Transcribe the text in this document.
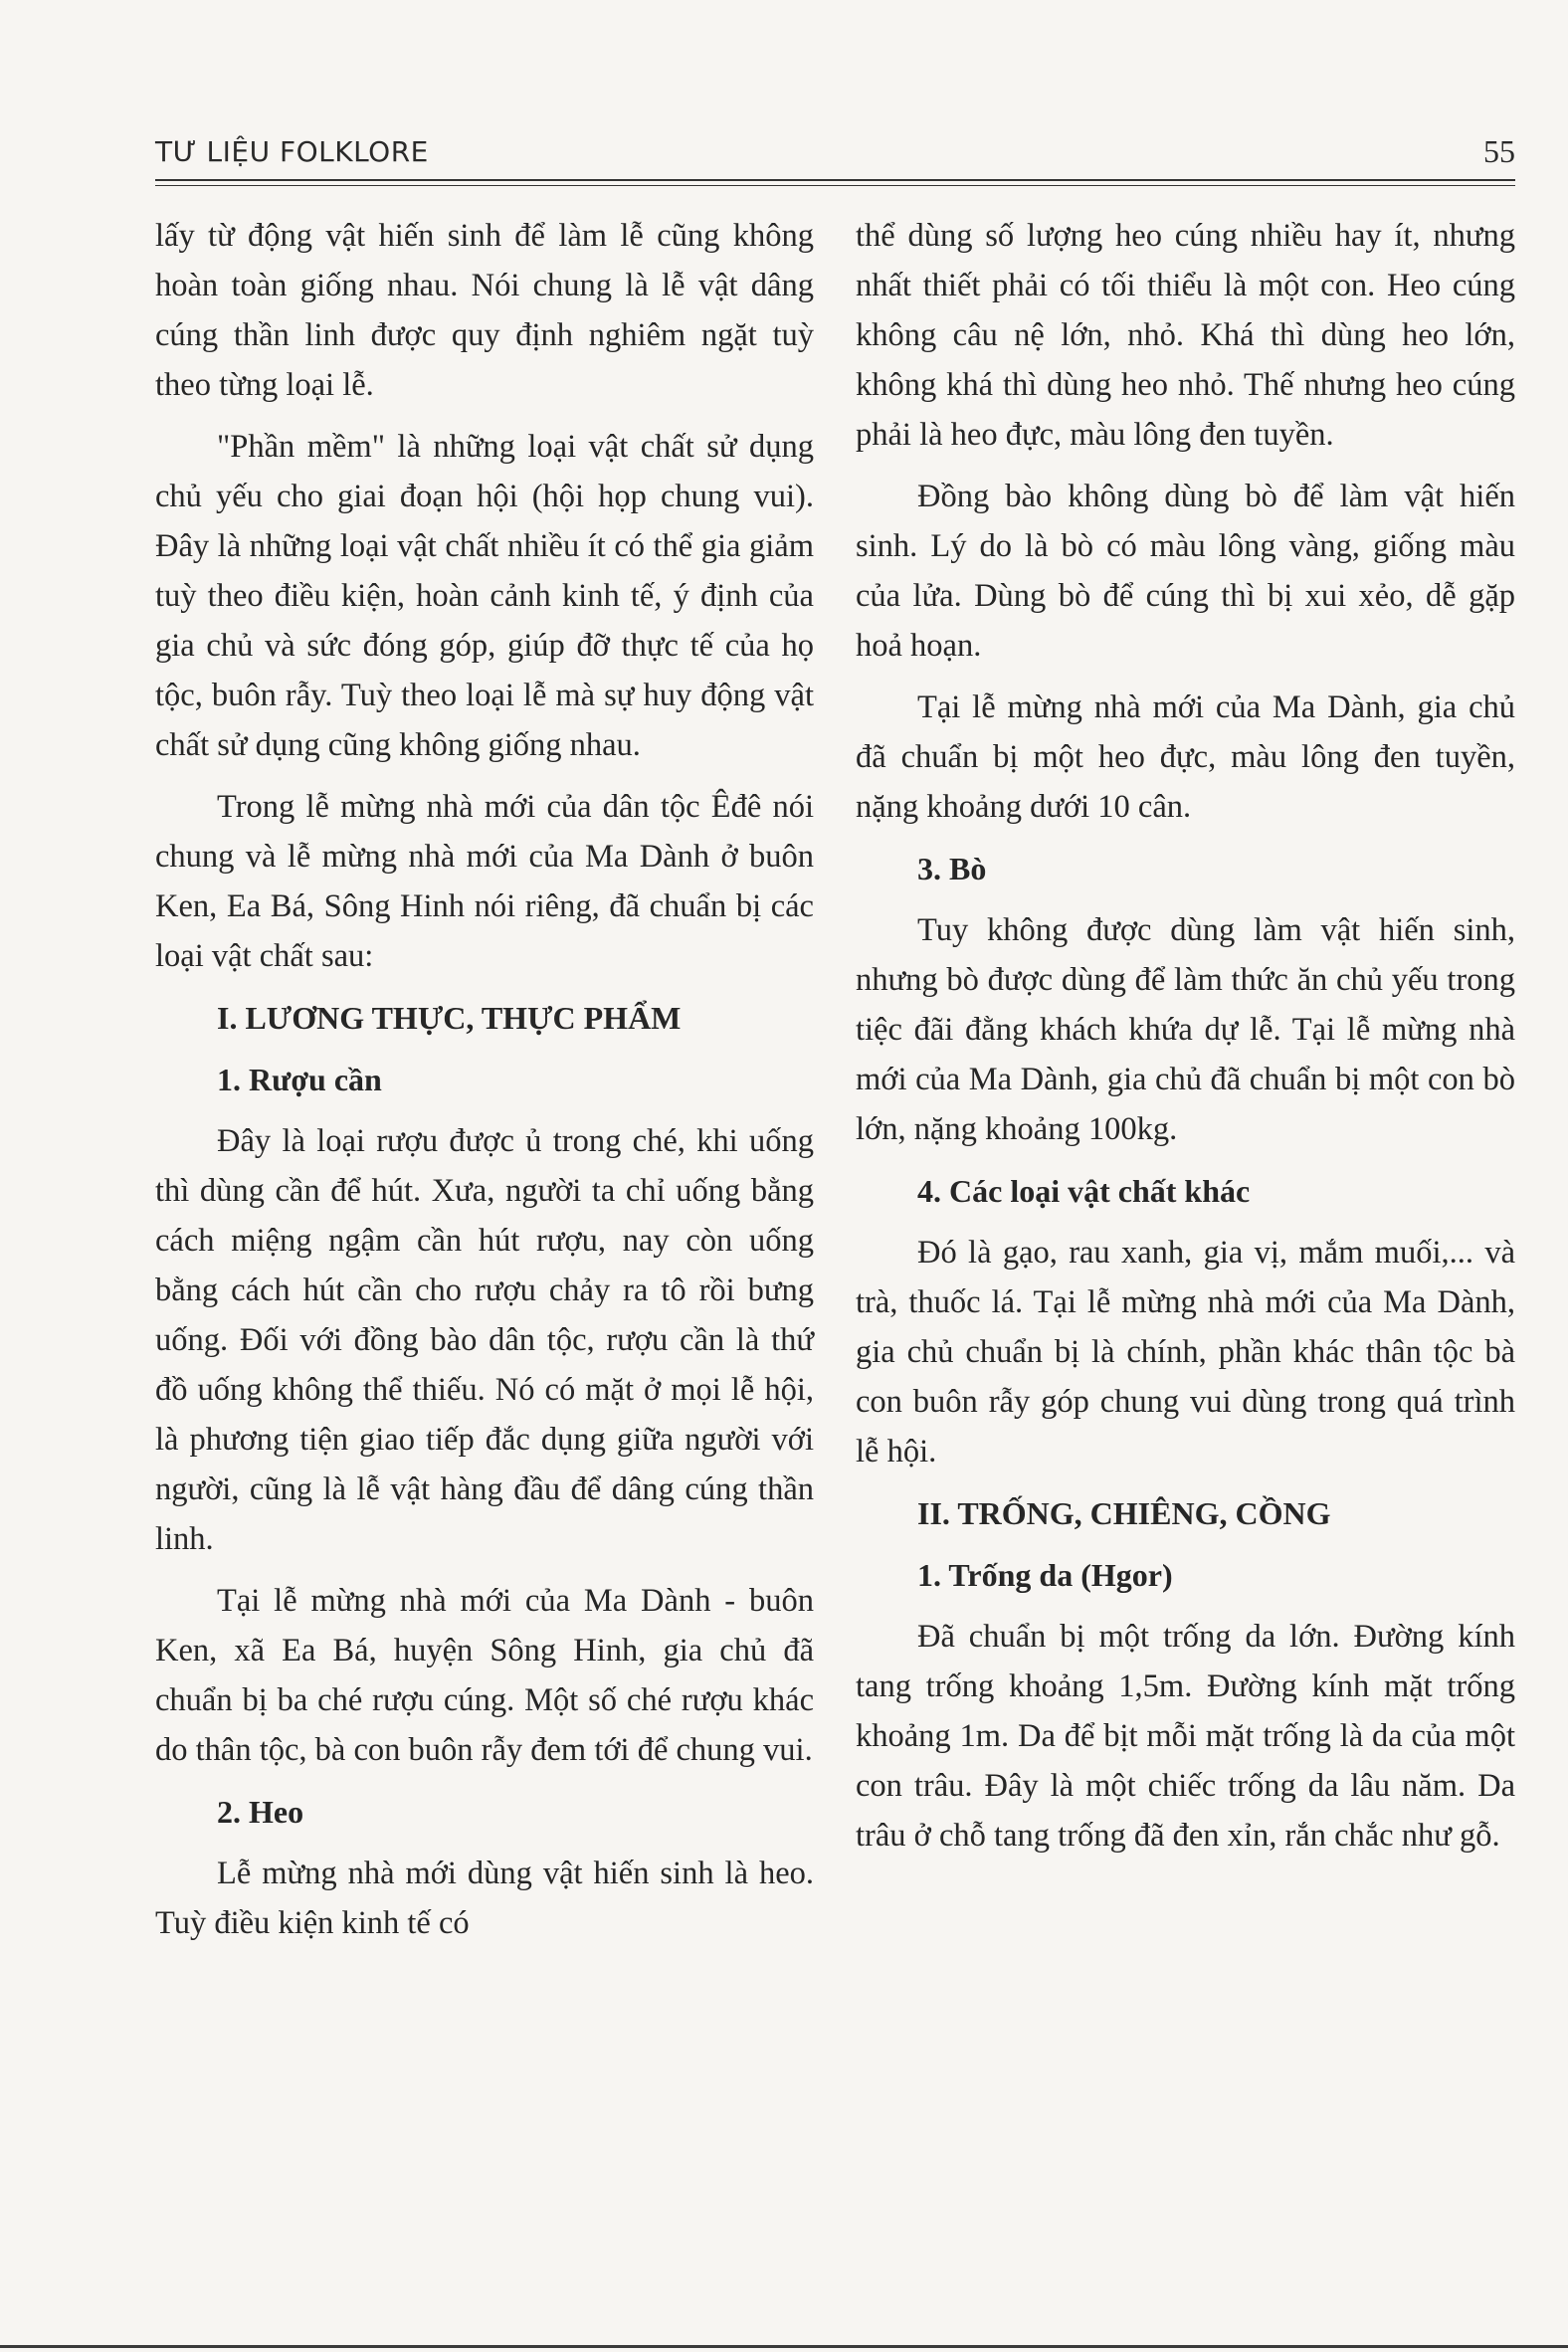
TƯ LIỆU FOLKLORE	55

lấy từ động vật hiến sinh để làm lễ cũng không hoàn toàn giống nhau. Nói chung là lễ vật dâng cúng thần linh được quy định nghiêm ngặt tuỳ theo từng loại lễ.

"Phần mềm" là những loại vật chất sử dụng chủ yếu cho giai đoạn hội (hội họp chung vui). Đây là những loại vật chất nhiều ít có thể gia giảm tuỳ theo điều kiện, hoàn cảnh kinh tế, ý định của gia chủ và sức đóng góp, giúp đỡ thực tế của họ tộc, buôn rẫy. Tuỳ theo loại lễ mà sự huy động vật chất sử dụng cũng không giống nhau.

Trong lễ mừng nhà mới của dân tộc Êđê nói chung và lễ mừng nhà mới của Ma Dành ở buôn Ken, Ea Bá, Sông Hinh nói riêng, đã chuẩn bị các loại vật chất sau:

I. LƯƠNG THỰC, THỰC PHẨM
1. Rượu cần

Đây là loại rượu được ủ trong ché, khi uống thì dùng cần để hút. Xưa, người ta chỉ uống bằng cách miệng ngậm cần hút rượu, nay còn uống bằng cách hút cần cho rượu chảy ra tô rồi bưng uống. Đối với đồng bào dân tộc, rượu cần là thứ đồ uống không thể thiếu. Nó có mặt ở mọi lễ hội, là phương tiện giao tiếp đắc dụng giữa người với người, cũng là lễ vật hàng đầu để dâng cúng thần linh.

Tại lễ mừng nhà mới của Ma Dành - buôn Ken, xã Ea Bá, huyện Sông Hinh, gia chủ đã chuẩn bị ba ché rượu cúng. Một số ché rượu khác do thân tộc, bà con buôn rẫy đem tới để chung vui.

2. Heo

Lễ mừng nhà mới dùng vật hiến sinh là heo. Tuỳ điều kiện kinh tế có

thể dùng số lượng heo cúng nhiều hay ít, nhưng nhất thiết phải có tối thiểu là một con. Heo cúng không câu nệ lớn, nhỏ. Khá thì dùng heo lớn, không khá thì dùng heo nhỏ. Thế nhưng heo cúng phải là heo đực, màu lông đen tuyền.

Đồng bào không dùng bò để làm vật hiến sinh. Lý do là bò có màu lông vàng, giống màu của lửa. Dùng bò để cúng thì bị xui xẻo, dễ gặp hoả hoạn.

Tại lễ mừng nhà mới của Ma Dành, gia chủ đã chuẩn bị một heo đực, màu lông đen tuyền, nặng khoảng dưới 10 cân.

3. Bò

Tuy không được dùng làm vật hiến sinh, nhưng bò được dùng để làm thức ăn chủ yếu trong tiệc đãi đằng khách khứa dự lễ. Tại lễ mừng nhà mới của Ma Dành, gia chủ đã chuẩn bị một con bò lớn, nặng khoảng 100kg.

4. Các loại vật chất khác

Đó là gạo, rau xanh, gia vị, mắm muối,... và trà, thuốc lá. Tại lễ mừng nhà mới của Ma Dành, gia chủ chuẩn bị là chính, phần khác thân tộc bà con buôn rẫy góp chung vui dùng trong quá trình lễ hội.

II. TRỐNG, CHIÊNG, CỒNG
1. Trống da (Hgor)

Đã chuẩn bị một trống da lớn. Đường kính tang trống khoảng 1,5m. Đường kính mặt trống khoảng 1m. Da để bịt mỗi mặt trống là da của một con trâu. Đây là một chiếc trống da lâu năm. Da trâu ở chỗ tang trống đã đen xỉn, rắn chắc như gỗ.
